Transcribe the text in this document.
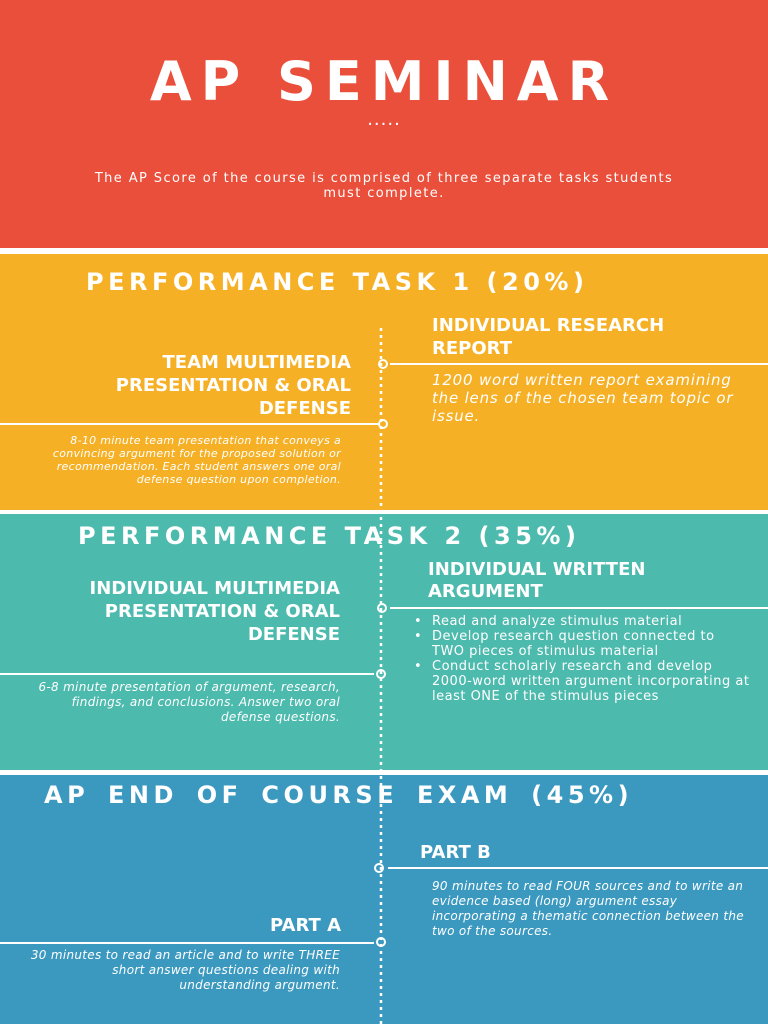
AP SEMINAR
·····

The AP Score of the course is comprised of three separate tasks students must complete.

PERFORMANCE TASK 1 (20%)
TEAM MULTIMEDIA PRESENTATION & ORAL DEFENSE

8-10 minute team presentation that conveys a convincing argument for the proposed solution or recommendation. Each student answers one oral defense question upon completion.

INDIVIDUAL RESEARCH REPORT

1200 word written report examining the lens of the chosen team topic or issue.

PERFORMANCE TASK 2 (35%)
INDIVIDUAL MULTIMEDIA PRESENTATION & ORAL DEFENSE

6-8 minute presentation of argument, research, findings, and conclusions. Answer two oral defense questions.

INDIVIDUAL WRITTEN ARGUMENT
• Read and analyze stimulus material
• Develop research question connected to TWO pieces of stimulus material
• Conduct scholarly research and develop 2000-word written argument incorporating at least ONE of the stimulus pieces
AP END OF COURSE EXAM (45%)
PART B

90 minutes to read FOUR sources and to write an evidence based (long) argument essay incorporating a thematic connection between the two of the sources.

PART A

30 minutes to read an article and to write THREE short answer questions dealing with understanding argument.
